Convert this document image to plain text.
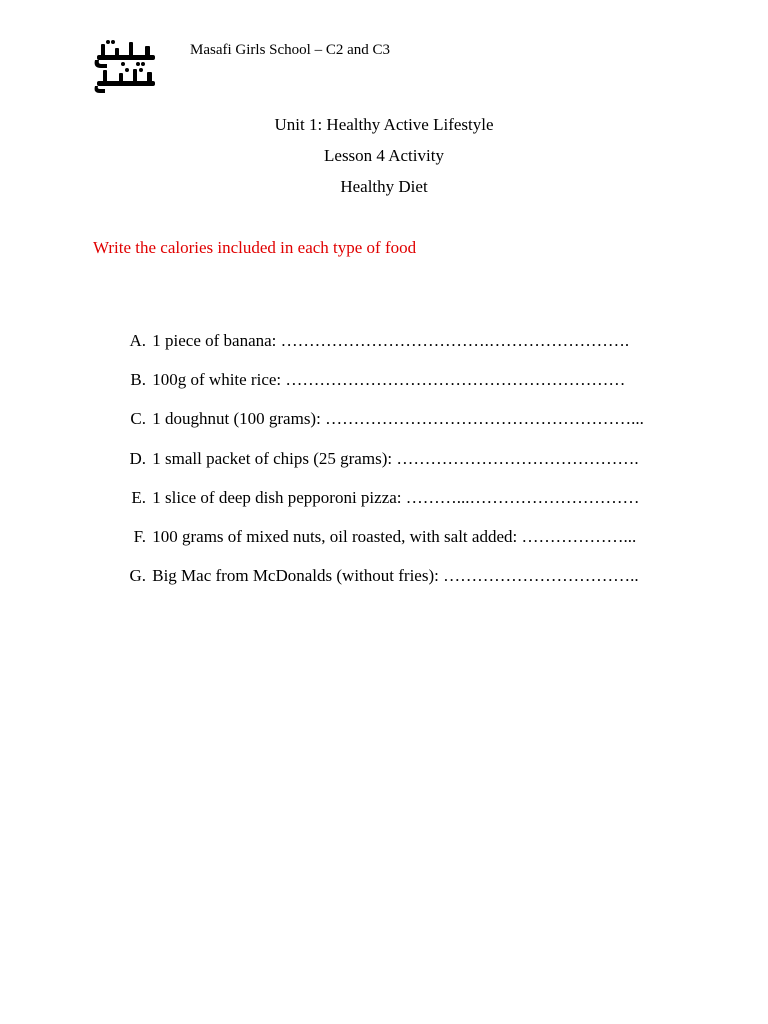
Masafi Girls School – C2 and C3
Unit 1: Healthy Active Lifestyle
Lesson 4 Activity
Healthy Diet
Write the calories included in each type of food
A. 1 piece of banana: ……………………………….…………………….
B. 100g of white rice: ……………………………………………………
C. 1 doughnut (100 grams): ………………………………………………...
D. 1 small packet of chips (25 grams): …………………………………….
E. 1 slice of deep dish pepporoni pizza: ………...…………………………
F. 100 grams of mixed nuts, oil roasted, with salt added: ………………...
G. Big Mac from McDonalds (without fries): ……………………………..
